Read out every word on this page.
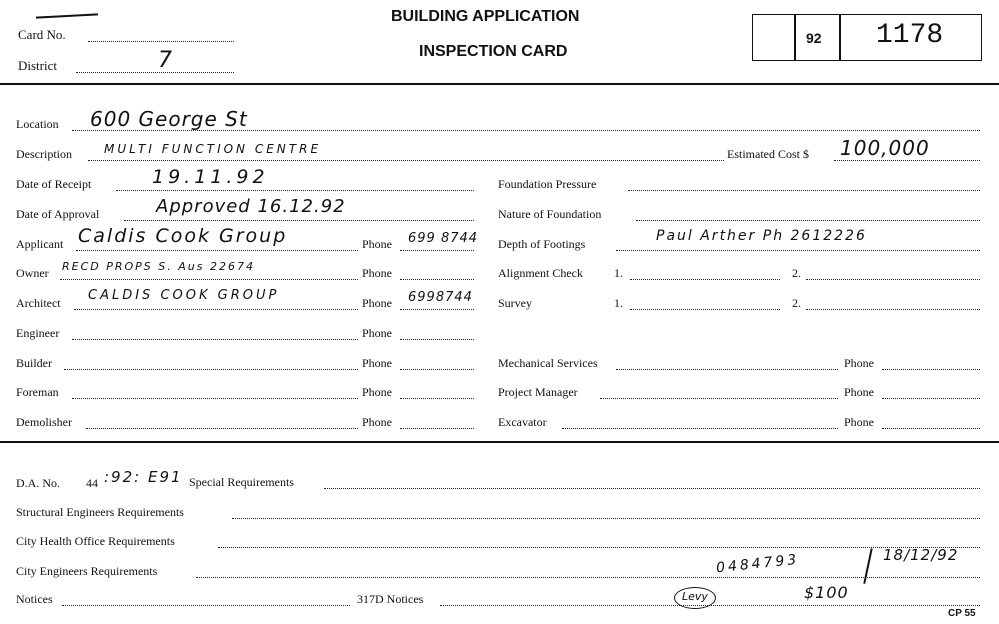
Card No.
District	7
BUILDING APPLICATION
INSPECTION CARD
92 1178
Location 600 George St
Description	MULTI FUNCTION CENTRE	Estimated Cost $ 100,000
Date of Receipt	19.11.92
Date of Approval	Approved 16.12.92
Applicant Caldis Cook Group	Phone 699 8744
Owner RECD PROPS S. Aus 22674	Phone
Architect CALDIS COOK GROUP	Phone 6998744
Engineer	Phone
Builder	Phone
Foreman	Phone
Demolisher	Phone
Foundation Pressure
Nature of Foundation
Depth of Footings	Paul Arther Ph 2612226
Alignment Check	1.	2.
Survey	1.	2.
Mechanical Services	Phone
Project Manager	Phone
Excavator	Phone
D.A. No. 44 :92: E91 Special Requirements
Structural Engineers Requirements
City Health Office Requirements
City Engineers Requirements	0484793	18/12/92
Notices	317D Notices	Levy	$100
CP 55
